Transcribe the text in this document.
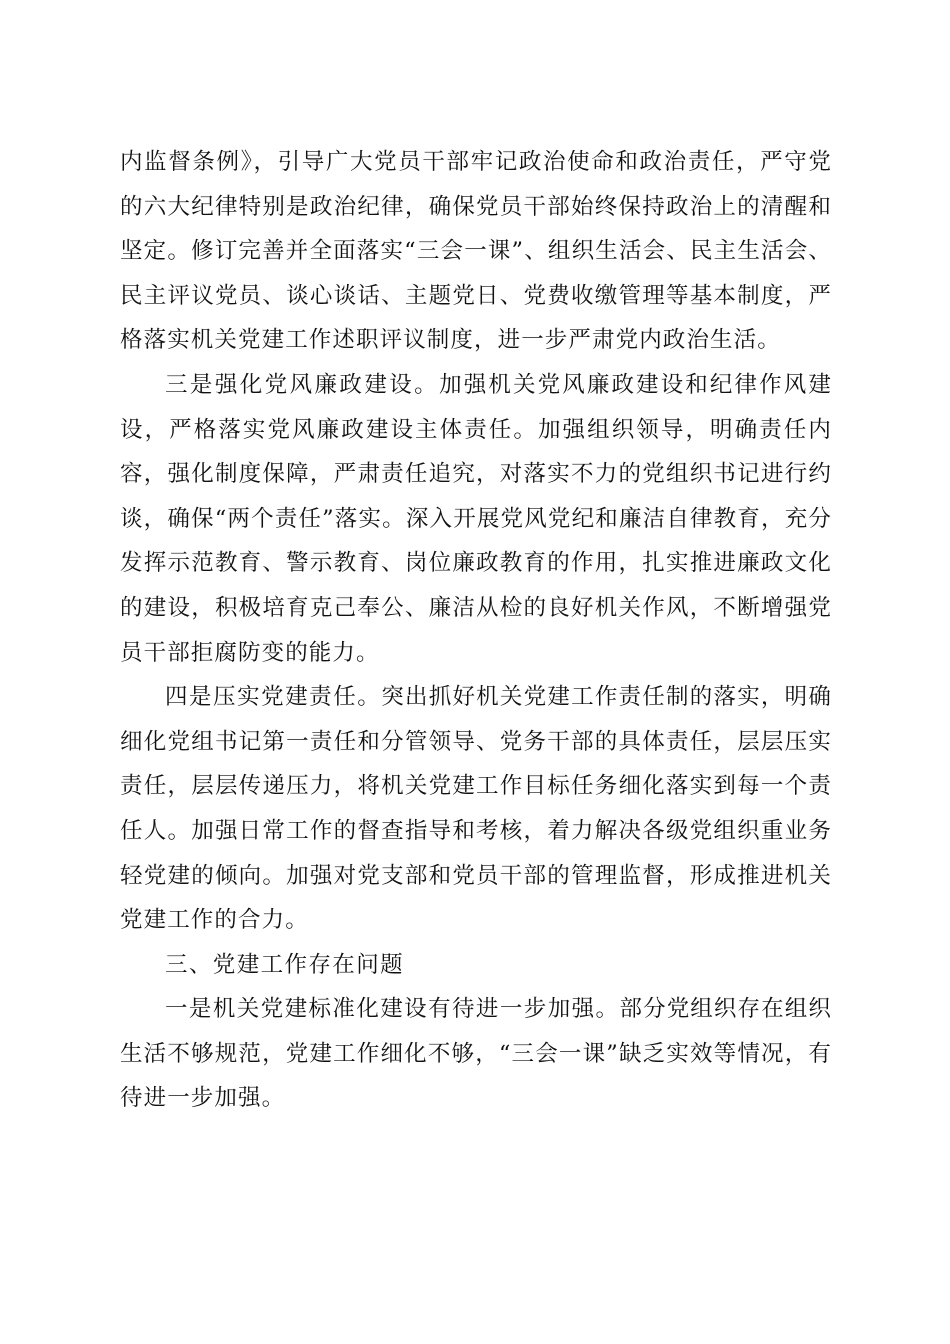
内监督条例》，引导广大党员干部牢记政治使命和政治责任，严守党的六大纪律特别是政治纪律，确保党员干部始终保持政治上的清醒和坚定。修订完善并全面落实“三会一课”、组织生活会、民主生活会、民主评议党员、谈心谈话、主题党日、党费收缴管理等基本制度，严格落实机关党建工作述职评议制度，进一步严肃党内政治生活。

三是强化党风廉政建设。加强机关党风廉政建设和纪律作风建设，严格落实党风廉政建设主体责任。加强组织领导，明确责任内容，强化制度保障，严肃责任追究，对落实不力的党组织书记进行约谈，确保“两个责任”落实。深入开展党风党纪和廉洁自律教育，充分发挥示范教育、警示教育、岗位廉政教育的作用，扎实推进廉政文化的建设，积极培育克己奉公、廉洁从检的良好机关作风，不断增强党员干部拒腐防变的能力。

四是压实党建责任。突出抓好机关党建工作责任制的落实，明确细化党组书记第一责任和分管领导、党务干部的具体责任，层层压实责任，层层传递压力，将机关党建工作目标任务细化落实到每一个责任人。加强日常工作的督查指导和考核，着力解决各级党组织重业务轻党建的倾向。加强对党支部和党员干部的管理监督，形成推进机关党建工作的合力。

三、党建工作存在问题

一是机关党建标准化建设有待进一步加强。部分党组织存在组织生活不够规范，党建工作细化不够，“三会一课”缺乏实效等情况，有待进一步加强。
